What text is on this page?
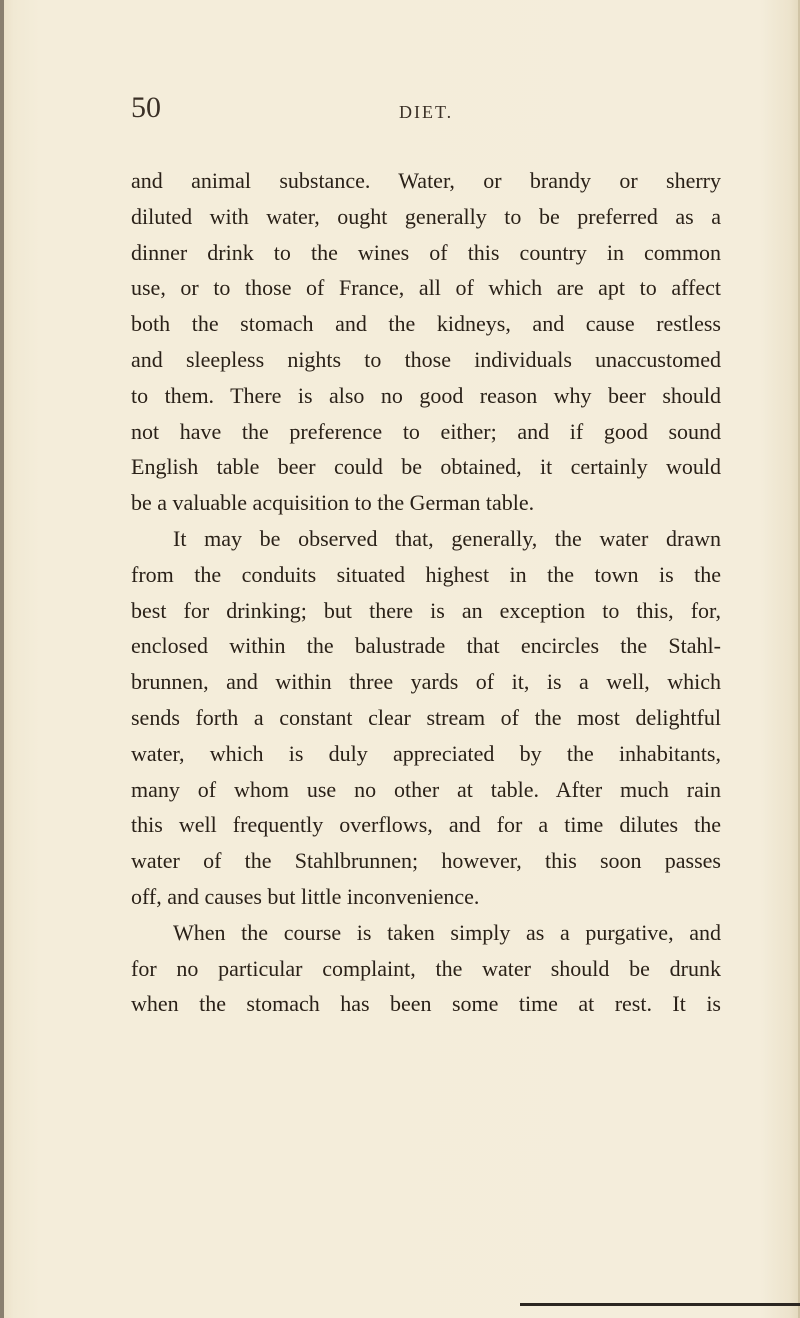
50	DIET.
and animal substance. Water, or brandy or sherry
diluted with water, ought generally to be preferred as a
dinner drink to the wines of this country in common
use, or to those of France, all of which are apt to affect
both the stomach and the kidneys, and cause restless
and sleepless nights to those individuals unaccustomed
to them. There is also no good reason why beer should
not have the preference to either; and if good sound
English table beer could be obtained, it certainly would
be a valuable acquisition to the German table.
It may be observed that, generally, the water drawn
from the conduits situated highest in the town is the
best for drinking; but there is an exception to this, for,
enclosed within the balustrade that encircles the Stahl-
brunnen, and within three yards of it, is a well, which
sends forth a constant clear stream of the most delightful
water, which is duly appreciated by the inhabitants,
many of whom use no other at table. After much rain
this well frequently overflows, and for a time dilutes the
water of the Stahlbrunnen; however, this soon passes
off, and causes but little inconvenience.
When the course is taken simply as a purgative, and
for no particular complaint, the water should be drunk
when the stomach has been some time at rest. It is
